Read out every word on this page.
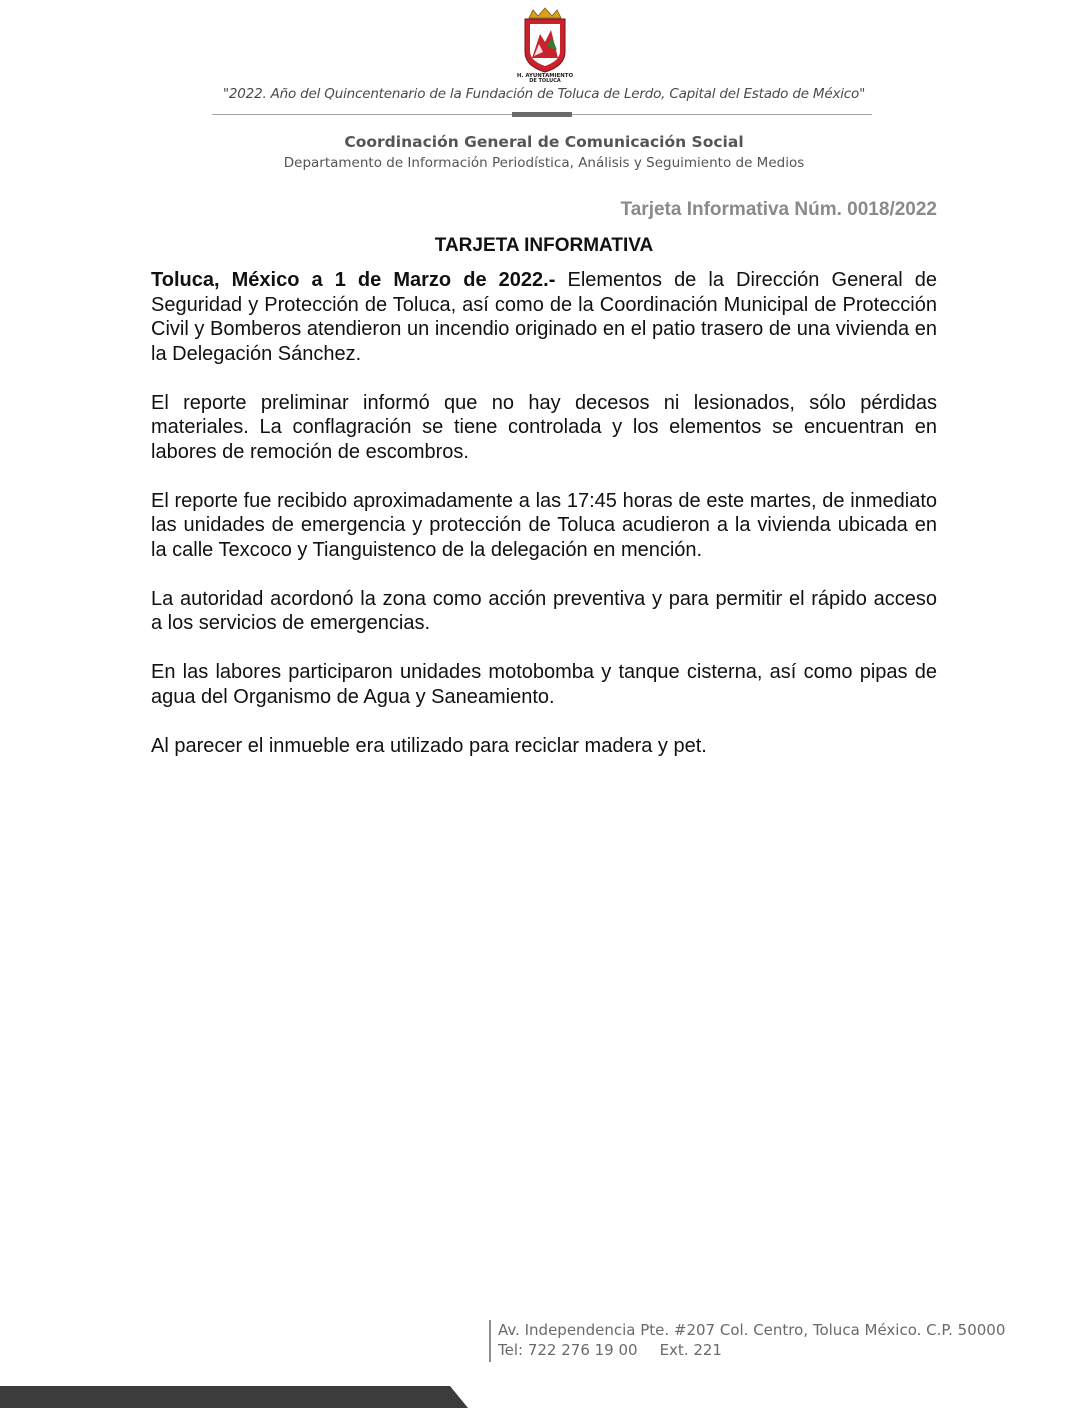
H. AYUNTAMIENTO
DE TOLUCA
"2022. Año del Quincentenario de la Fundación de Toluca de Lerdo, Capital del Estado de México"
Coordinación General de Comunicación Social
Departamento de Información Periodística, Análisis y Seguimiento de Medios
Tarjeta Informativa Núm. 0018/2022
TARJETA INFORMATIVA

Toluca, México a 1 de Marzo de 2022.- Elementos de la Dirección General de Seguridad y Protección de Toluca, así como de la Coordinación Municipal de Protección Civil y Bomberos atendieron un incendio originado en el patio trasero de una vivienda en la Delegación Sánchez.

El reporte preliminar informó que no hay decesos ni lesionados, sólo pérdidas materiales. La conflagración se tiene controlada y los elementos se encuentran en labores de remoción de escombros.

El reporte fue recibido aproximadamente a las 17:45 horas de este martes, de inmediato las unidades de emergencia y protección de Toluca acudieron a la vivienda ubicada en la calle Texcoco y Tianguistenco de la delegación en mención.

La autoridad acordonó la zona como acción preventiva y para permitir el rápido acceso a los servicios de emergencias.

En las labores participaron unidades motobomba y tanque cisterna, así como pipas de agua del Organismo de Agua y Saneamiento.

Al parecer el inmueble era utilizado para reciclar madera y pet.

Av. Independencia Pte. #207 Col. Centro, Toluca México. C.P. 50000
Tel: 722 276 19 00 Ext. 221
